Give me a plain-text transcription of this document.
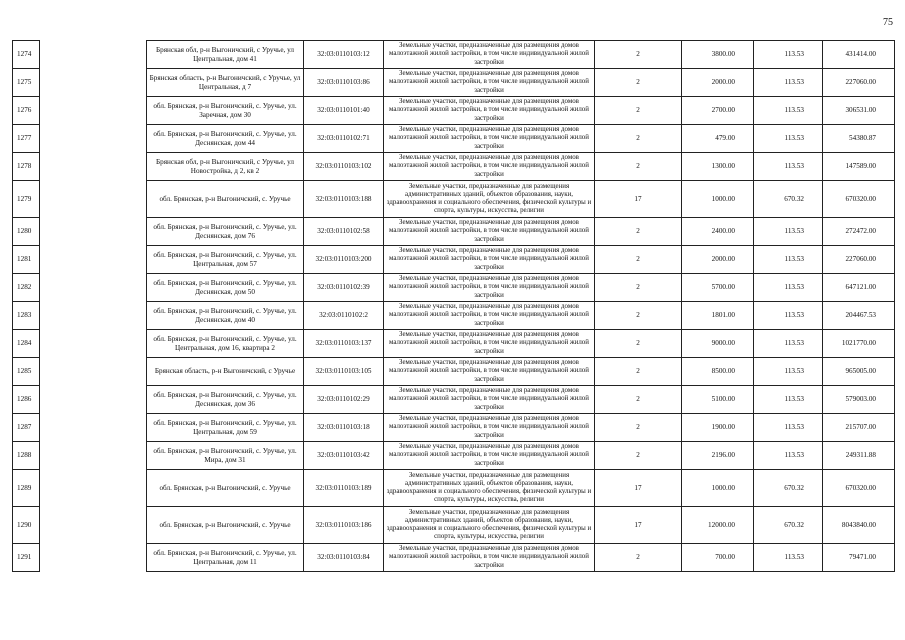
75
1274		Брянская обл, р-н Выгоничский, с Уручье, ул Центральная, дом 41	32:03:0110103:12	Земельные участки, предназначенные для размещения домов малоэтажной жилой застройки, в том числе индивидуальной жилой застройки	2	3800.00	113.53	431414.00
1275		Брянская область, р-н Выгоничский, с Уручье, ул Центральная, д 7	32:03:0110103:86	Земельные участки, предназначенные для размещения домов малоэтажной жилой застройки, в том числе индивидуальной жилой застройки	2	2000.00	113.53	227060.00
1276		обл. Брянская, р-н Выгоничский, с. Уручье, ул. Заречная, дом 30	32:03:0110101:40	Земельные участки, предназначенные для размещения домов малоэтажной жилой застройки, в том числе индивидуальной жилой застройки	2	2700.00	113.53	306531.00
1277		обл. Брянская, р-н Выгоничский, с. Уручье, ул. Деснянская, дом 44	32:03:0110102:71	Земельные участки, предназначенные для размещения домов малоэтажной жилой застройки, в том числе индивидуальной жилой застройки	2	479.00	113.53	54380.87
1278		Брянская обл, р-н Выгоничский, с Уручье, ул Новостройка, д 2, кв 2	32:03:0110103:102	Земельные участки, предназначенные для размещения домов малоэтажной жилой застройки, в том числе индивидуальной жилой застройки	2	1300.00	113.53	147589.00
1279		обл. Брянская, р-н Выгоничский, с. Уручье	32:03:0110103:188	Земельные участки, предназначенные для размещения административных зданий, объектов образования, науки, здравоохранения и социального обеспечения, физической культуры и спорта, культуры, искусства, религии	17	1000.00	670.32	670320.00
1280		обл. Брянская, р-н Выгоничский, с. Уручье, ул. Деснянская, дом 76	32:03:0110102:58	Земельные участки, предназначенные для размещения домов малоэтажной жилой застройки, в том числе индивидуальной жилой застройки	2	2400.00	113.53	272472.00
1281		обл. Брянская, р-н Выгоничский, с. Уручье, ул. Центральная, дом 57	32:03:0110103:200	Земельные участки, предназначенные для размещения домов малоэтажной жилой застройки, в том числе индивидуальной жилой застройки	2	2000.00	113.53	227060.00
1282		обл. Брянская, р-н Выгоничский, с. Уручье, ул. Деснянская, дом 50	32:03:0110102:39	Земельные участки, предназначенные для размещения домов малоэтажной жилой застройки, в том числе индивидуальной жилой застройки	2	5700.00	113.53	647121.00
1283		обл. Брянская, р-н Выгоничский, с. Уручье, ул. Деснянская, дом 40	32:03:0110102:2	Земельные участки, предназначенные для размещения домов малоэтажной жилой застройки, в том числе индивидуальной жилой застройки	2	1801.00	113.53	204467.53
1284		обл. Брянская, р-н Выгоничский, с. Уручье, ул. Центральная, дом 16, квартира 2	32:03:0110103:137	Земельные участки, предназначенные для размещения домов малоэтажной жилой застройки, в том числе индивидуальной жилой застройки	2	9000.00	113.53	1021770.00
1285		Брянская область, р-н Выгоничский, с Уручье	32:03:0110103:105	Земельные участки, предназначенные для размещения домов малоэтажной жилой застройки, в том числе индивидуальной жилой застройки	2	8500.00	113.53	965005.00
1286		обл. Брянская, р-н Выгоничский, с. Уручье, ул. Деснянская, дом 36	32:03:0110102:29	Земельные участки, предназначенные для размещения домов малоэтажной жилой застройки, в том числе индивидуальной жилой застройки	2	5100.00	113.53	579003.00
1287		обл. Брянская, р-н Выгоничский, с. Уручье, ул. Центральная, дом 59	32:03:0110103:18	Земельные участки, предназначенные для размещения домов малоэтажной жилой застройки, в том числе индивидуальной жилой застройки	2	1900.00	113.53	215707.00
1288		обл. Брянская, р-н Выгоничский, с. Уручье, ул. Мира, дом 31	32:03:0110103:42	Земельные участки, предназначенные для размещения домов малоэтажной жилой застройки, в том числе индивидуальной жилой застройки	2	2196.00	113.53	249311.88
1289		обл. Брянская, р-н Выгоничский, с. Уручье	32:03:0110103:189	Земельные участки, предназначенные для размещения административных зданий, объектов образования, науки, здравоохранения и социального обеспечения, физической культуры и спорта, культуры, искусства, религии	17	1000.00	670.32	670320.00
1290		обл. Брянская, р-н Выгоничский, с. Уручье	32:03:0110103:186	Земельные участки, предназначенные для размещения административных зданий, объектов образования, науки, здравоохранения и социального обеспечения, физической культуры и спорта, культуры, искусства, религии	17	12000.00	670.32	8043840.00
1291		обл. Брянская, р-н Выгоничский, с. Уручье, ул. Центральная, дом 11	32:03:0110103:84	Земельные участки, предназначенные для размещения домов малоэтажной жилой застройки, в том числе индивидуальной жилой застройки	2	700.00	113.53	79471.00
